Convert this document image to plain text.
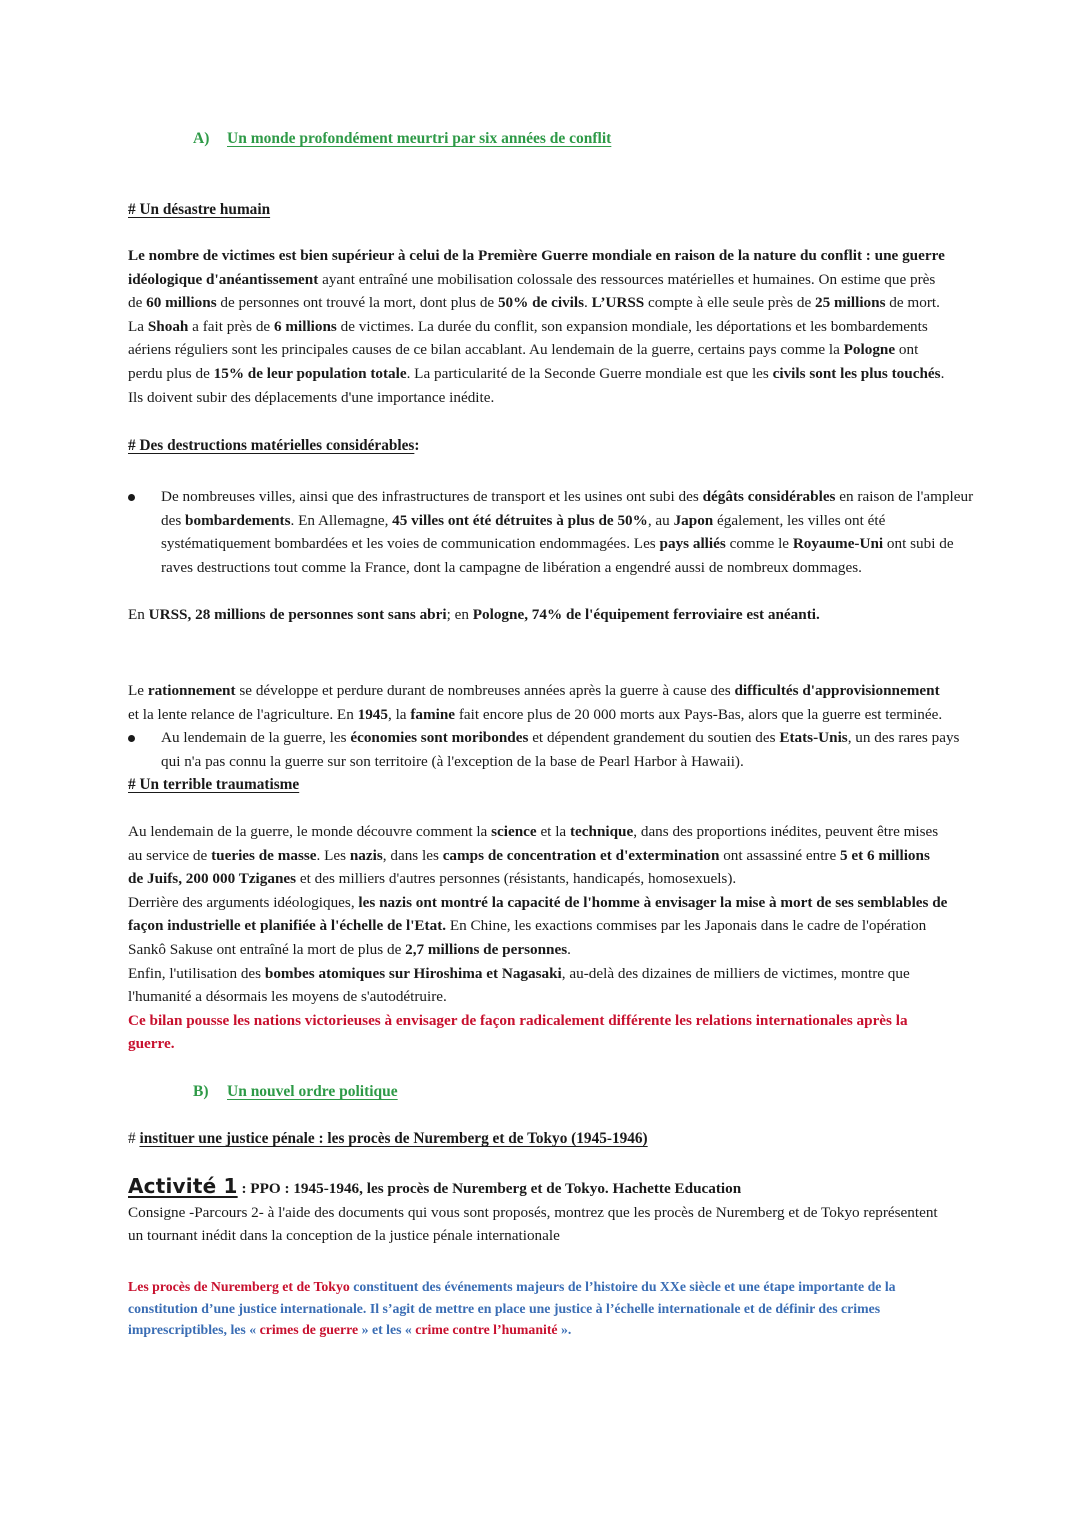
A) Un monde profondément meurtri par six années de conflit
# Un désastre humain

Le nombre de victimes est bien supérieur à celui de la Première Guerre mondiale en raison de la nature du conflit : une guerre idéologique d'anéantissement ayant entraîné une mobilisation colossale des ressources matérielles et humaines. On estime que près de 60 millions de personnes ont trouvé la mort, dont plus de 50% de civils. L’URSS compte à elle seule près de 25 millions de mort. La Shoah a fait près de 6 millions de victimes. La durée du conflit, son expansion mondiale, les déportations et les bombardements aériens réguliers sont les principales causes de ce bilan accablant. Au lendemain de la guerre, certains pays comme la Pologne ont perdu plus de 15% de leur population totale. La particularité de la Seconde Guerre mondiale est que les civils sont les plus touchés. Ils doivent subir des déplacements d'une importance inédite.

# Des destructions matérielles considérables:

De nombreuses villes, ainsi que des infrastructures de transport et les usines ont subi des dégâts considérables en raison de l'ampleur des bombardements. En Allemagne, 45 villes ont été détruites à plus de 50%, au Japon également, les villes ont été systématiquement bombardées et les voies de communication endommagées. Les pays alliés comme le Royaume-Uni ont subi de raves destructions tout comme la France, dont la campagne de libération a engendré aussi de nombreux dommages.

En URSS, 28 millions de personnes sont sans abri; en Pologne, 74% de l'équipement ferroviaire est anéanti.

Au lendemain de la guerre, les économies sont moribondes et dépendent grandement du soutien des Etats-Unis, un des rares pays qui n'a pas connu la guerre sur son territoire (à l'exception de la base de Pearl Harbor à Hawaii).

Le rationnement se développe et perdure durant de nombreuses années après la guerre à cause des difficultés d'approvisionnement et la lente relance de l'agriculture. En 1945, la famine fait encore plus de 20 000 morts aux Pays-Bas, alors que la guerre est terminée.

# Un terrible traumatisme

Au lendemain de la guerre, le monde découvre comment la science et la technique, dans des proportions inédites, peuvent être mises au service de tueries de masse. Les nazis, dans les camps de concentration et d'extermination ont assassiné entre 5 et 6 millions de Juifs, 200 000 Tziganes et des milliers d'autres personnes (résistants, handicapés, homosexuels).

Derrière des arguments idéologiques, les nazis ont montré la capacité de l'homme à envisager la mise à mort de ses semblables de façon industrielle et planifiée à l'échelle de l'Etat. En Chine, les exactions commises par les Japonais dans le cadre de l'opération Sankô Sakuse ont entraîné la mort de plus de 2,7 millions de personnes.

Enfin, l'utilisation des bombes atomiques sur Hiroshima et Nagasaki, au-delà des dizaines de milliers de victimes, montre que l'humanité a désormais les moyens de s'autodétruire.

Ce bilan pousse les nations victorieuses à envisager de façon radicalement différente les relations internationales après la guerre.

B) Un nouvel ordre politique
# instituer une justice pénale : les procès de Nuremberg et de Tokyo (1945-1946)
Activité 1 : PPO : 1945-1946, les procès de Nuremberg et de Tokyo. Hachette Education

Consigne -Parcours 2- à l'aide des documents qui vous sont proposés, montrez que les procès de Nuremberg et de Tokyo représentent un tournant inédit dans la conception de la justice pénale internationale

Les procès de Nuremberg et de Tokyo constituent des événements majeurs de l’histoire du XXe siècle et une étape importante de la constitution d’une justice internationale. Il s’agit de mettre en place une justice à l’échelle internationale et de définir des crimes imprescriptibles, les « crimes de guerre » et les « crime contre l’humanité ».
